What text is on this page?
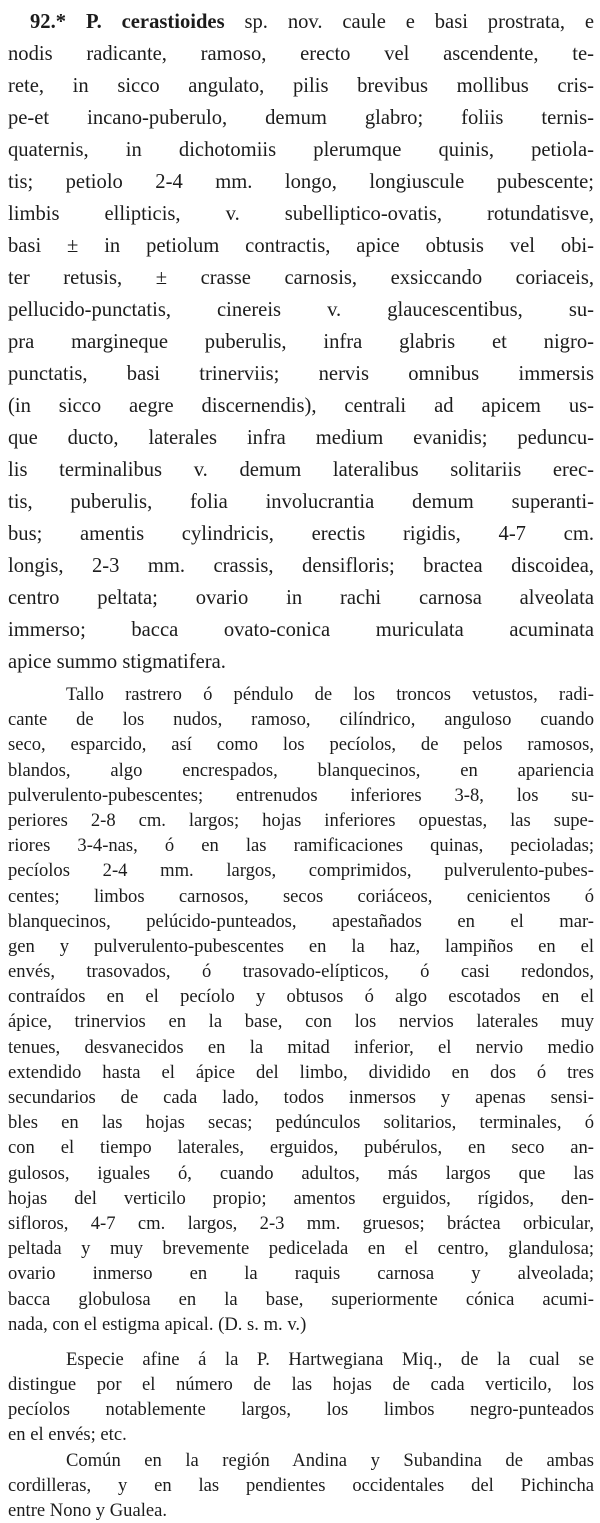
92.* P. cerastioides sp. nov. caule e basi prostrata, e
nodis radicante, ramoso, erecto vel ascendente, te-
rete, in sicco angulato, pilis brevibus mollibus cris-
pe-et incano-puberulo, demum glabro; foliis ternis-
quaternis, in dichotomiis plerumque quinis, petiola-
tis; petiolo 2-4 mm. longo, longiuscule pubescente;
limbis ellipticis, v. subelliptico-ovatis, rotundatisve,
basi ± in petiolum contractis, apice obtusis vel obi-
ter retusis, ± crasse carnosis, exsiccando coriaceis,
pellucido-punctatis, cinereis v. glaucescentibus, su-
pra margineque puberulis, infra glabris et nigro-
punctatis, basi trinerviis; nervis omnibus immersis
(in sicco aegre discernendis), centrali ad apicem us-
que ducto, laterales infra medium evanidis; peduncu-
lis terminalibus v. demum lateralibus solitariis erec-
tis, puberulis, folia involucrantia demum superanti-
bus; amentis cylindricis, erectis rigidis, 4-7 cm.
longis, 2-3 mm. crassis, densifloris; bractea discoidea,
centro peltata; ovario in rachi carnosa alveolata
immerso; bacca ovato-conica muriculata acuminata
apice summo stigmatifera.
Tallo rastrero ó péndulo de los troncos vetustos, radi-
cante de los nudos, ramoso, cilíndrico, anguloso cuando
seco, esparcido, así como los pecíolos, de pelos ramosos,
blandos, algo encrespados, blanquecinos, en apariencia
pulverulento-pubescentes; entrenudos inferiores 3-8, los su-
periores 2-8 cm. largos; hojas inferiores opuestas, las supe-
riores 3-4-nas, ó en las ramificaciones quinas, pecioladas;
pecíolos 2-4 mm. largos, comprimidos, pulverulento-pubes-
centes; limbos carnosos, secos coriáceos, cenicientos ó
blanquecinos, pelúcido-punteados, apestañados en el mar-
gen y pulverulento-pubescentes en la haz, lampiños en el
envés, trasovados, ó trasovado-elípticos, ó casi redondos,
contraídos en el pecíolo y obtusos ó algo escotados en el
ápice, trinervios en la base, con los nervios laterales muy
tenues, desvanecidos en la mitad inferior, el nervio medio
extendido hasta el ápice del limbo, dividido en dos ó tres
secundarios de cada lado, todos inmersos y apenas sensi-
bles en las hojas secas; pedúnculos solitarios, terminales, ó
con el tiempo laterales, erguidos, pubérulos, en seco an-
gulosos, iguales ó, cuando adultos, más largos que las
hojas del verticilo propio; amentos erguidos, rígidos, den-
sifloros, 4-7 cm. largos, 2-3 mm. gruesos; bráctea orbicular,
peltada y muy brevemente pedicelada en el centro, glandulosa;
ovario inmerso en la raquis carnosa y alveolada;
bacca globulosa en la base, superiormente cónica acumi-
nada, con el estigma apical. (D. s. m. v.)
Especie afine á la P. Hartwegiana Miq., de la cual se
distingue por el número de las hojas de cada verticilo, los
pecíolos notablemente largos, los limbos negro-punteados
en el envés; etc.
Común en la región Andina y Subandina de ambas
cordilleras, y en las pendientes occidentales del Pichincha
entre Nono y Gualea.
